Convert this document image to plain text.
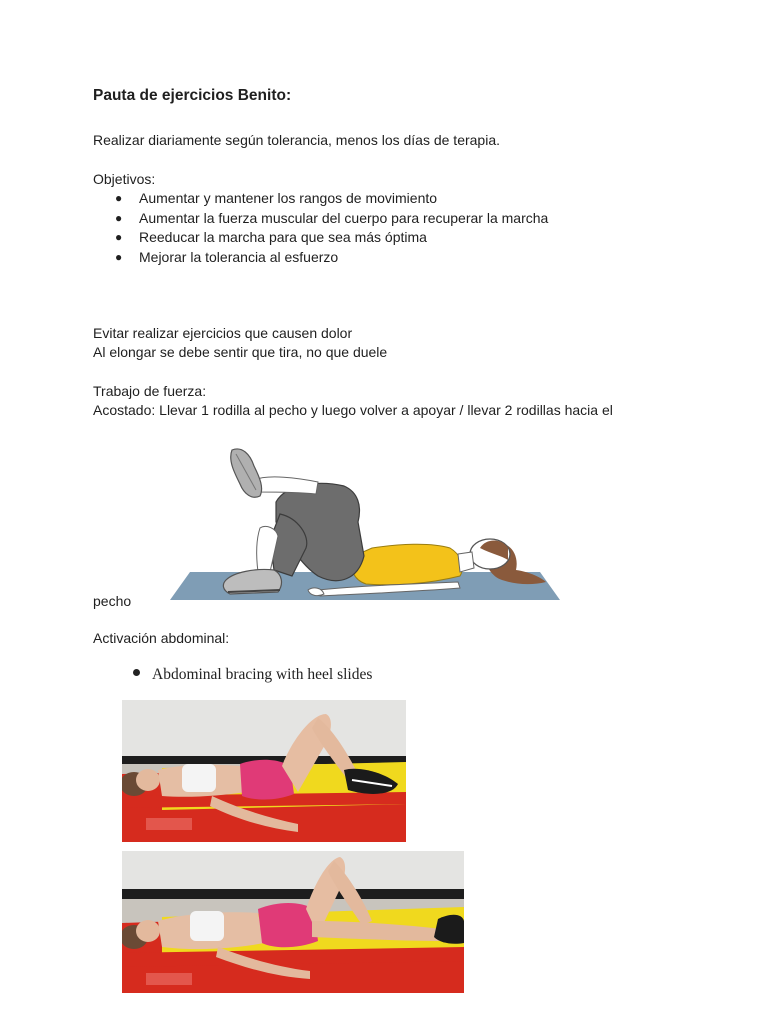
Pauta de ejercicios Benito:

Realizar diariamente según tolerancia, menos los días de terapia.

Objetivos:

● Aumentar y mantener los rangos de movimiento
● Aumentar la fuerza muscular del cuerpo para recuperar la marcha
● Reeducar la marcha para que sea más óptima
● Mejorar la tolerancia al esfuerzo

Evitar realizar ejercicios que causen dolor

Al elongar se debe sentir que tira, no que duele

Trabajo de fuerza:

Acostado: Llevar 1 rodilla al pecho y luego volver a apoyar / llevar 2 rodillas hacia el

pecho

Activación abdominal:

Abdominal bracing with heel slides
